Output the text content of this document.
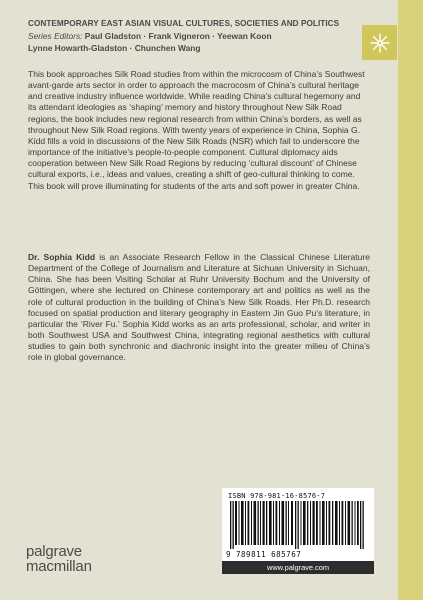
CONTEMPORARY EAST ASIAN VISUAL CULTURES, SOCIETIES AND POLITICS
Series Editors: Paul Gladston · Frank Vigneron · Yeewan Koon
Lynne Howarth-Gladston · Chunchen Wang

This book approaches Silk Road studies from within the microcosm of China’s Southwest avant-garde arts sector in order to approach the macrocosm of China’s cultural heritage and creative industry influence worldwide. While reading China’s cultural hegemony and its attendant ideologies as ‘shaping’ memory and history throughout New Silk Road regions, the book includes new regional research from within China’s borders, as well as throughout New Silk Road regions. With twenty years of experience in China, Sophia G. Kidd fills a void in discussions of the New Silk Roads (NSR) which fail to underscore the importance of the initiative’s people-to-people component. Cultural diplomacy aids cooperation between New Silk Road Regions by reducing ‘cultural discount’ of Chinese cultural exports, i.e., ideas and values, creating a shift of geo-cultural thinking to come. This book will prove illuminating for students of the arts and soft power in greater China.

Dr. Sophia Kidd is an Associate Research Fellow in the Classical Chinese Literature Department of the College of Journalism and Literature at Sichuan University in Sichuan, China. She has been Visiting Scholar at Ruhr University Bochum and the University of Göttingen, where she lectured on Chinese contemporary art and politics as well as the role of cultural production in the building of China’s New Silk Roads. Her Ph.D. research focused on spatial production and literary geography in Eastern Jin Guo Pu’s literature, in particular the ‘River Fu.’ Sophia Kidd works as an arts professional, scholar, and writer in both Southwest USA and Southwest China, integrating regional aesthetics with cultural studies to gain both synchronic and diachronic insight into the greater milieu of China’s role in global governance.

ISBN 978-981-16-8576-7
9 789811 685767
www.palgrave.com
palgrave
macmillan
